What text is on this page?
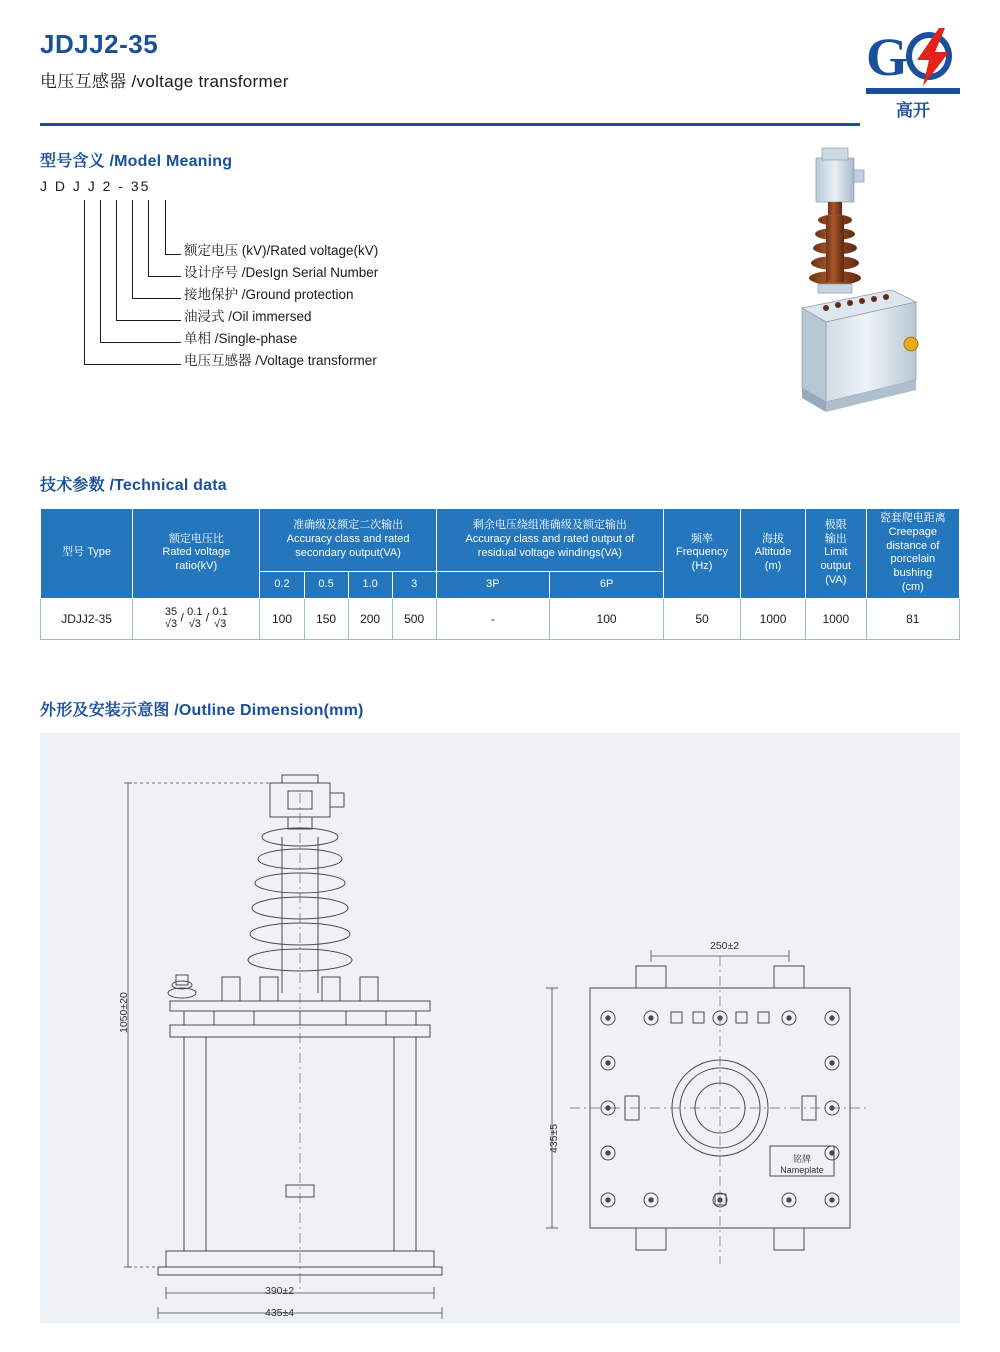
JDJJ2-35
电压互感器 /voltage transformer	G
高开
型号含义 /Model Meaning
J D J J 2 - 35
额定电压 (kV)/Rated voltage(kV)
设计序号 /DesIgn Serial Number
接地保护 /Ground protection
油浸式 /Oil immersed
单相 /Single-phase
电压互感器 /Voltage transformer
技术参数 /Technical data
型号 Type	
额定电压比
Rated voltage
ratio(kV)

准确级及额定二次输出
Accuracy class and rated
secondary output(VA)

剩余电压绕组准确级及额定输出
Accuracy class and rated output of
residual voltage windings(VA)

频率
Frequency
(Hz)

海拔
Altitude
(m)

极限
输出
Limit
output
(VA)

瓷套爬电距离
Creepage
distance of
porcelain
bushing
(cm)

		0.2	0.5	1.0	3	3P	6P				
JDJJ2-35	35
√3 / 0.1
√3 / 0.1
√3	100	150	200	500	-	100	50	1000	1000	81
外形及安装示意图 /Outline Dimension(mm)
1050±20
390±2
435±4
250±2
435±5
铭牌
Nameplate
